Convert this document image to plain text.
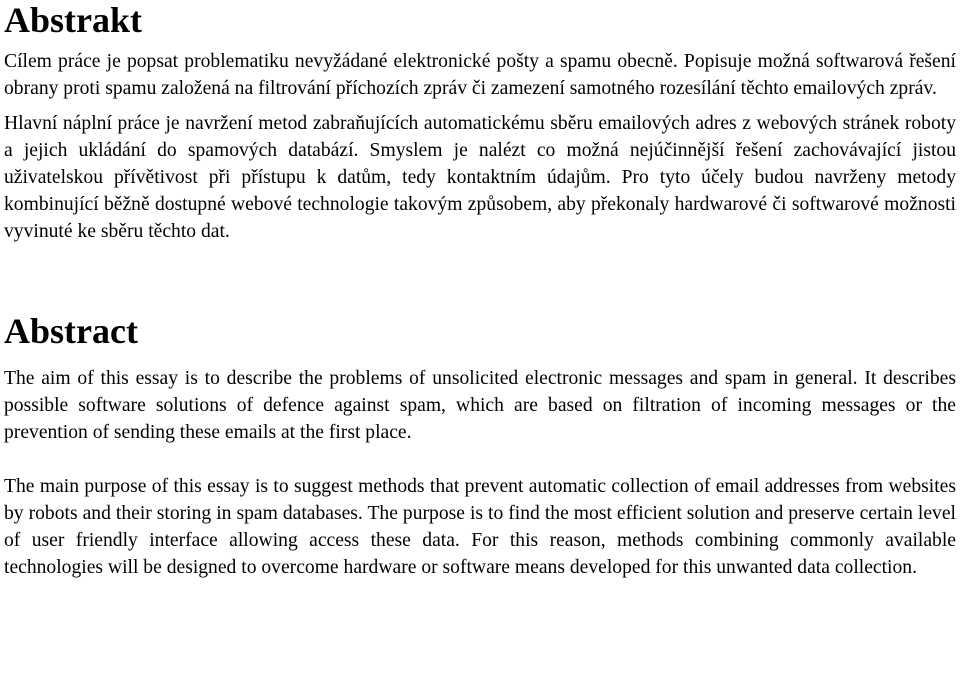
Abstrakt

Cílem práce je popsat problematiku nevyžádané elektronické pošty a spamu obecně. Popisuje možná softwarová řešení obrany proti spamu založená na filtrování příchozích zpráv či zamezení samotného rozesílání těchto emailových zpráv.

Hlavní náplní práce je navržení metod zabraňujících automatickému sběru emailových adres z webových stránek roboty a jejich ukládání do spamových databází. Smyslem je nalézt co možná nejúčinnější řešení zachovávající jistou uživatelskou přívětivost při přístupu k datům, tedy kontaktním údajům. Pro tyto účely budou navrženy metody kombinující běžně dostupné webové technologie takovým způsobem, aby překonaly hardwarové či softwarové možnosti vyvinuté ke sběru těchto dat.

Abstract

The aim of this essay is to describe the problems of unsolicited electronic messages and spam in general. It describes possible software solutions of defence against spam, which are based on filtration of incoming messages or the prevention of sending these emails at the first place.

The main purpose of this essay is to suggest methods that prevent automatic collection of email addresses from websites by robots and their storing in spam databases. The purpose is to find the most efficient solution and preserve certain level of user friendly interface allowing access these data. For this reason, methods combining commonly available technologies will be designed to overcome hardware or software means developed for this unwanted data collection.
